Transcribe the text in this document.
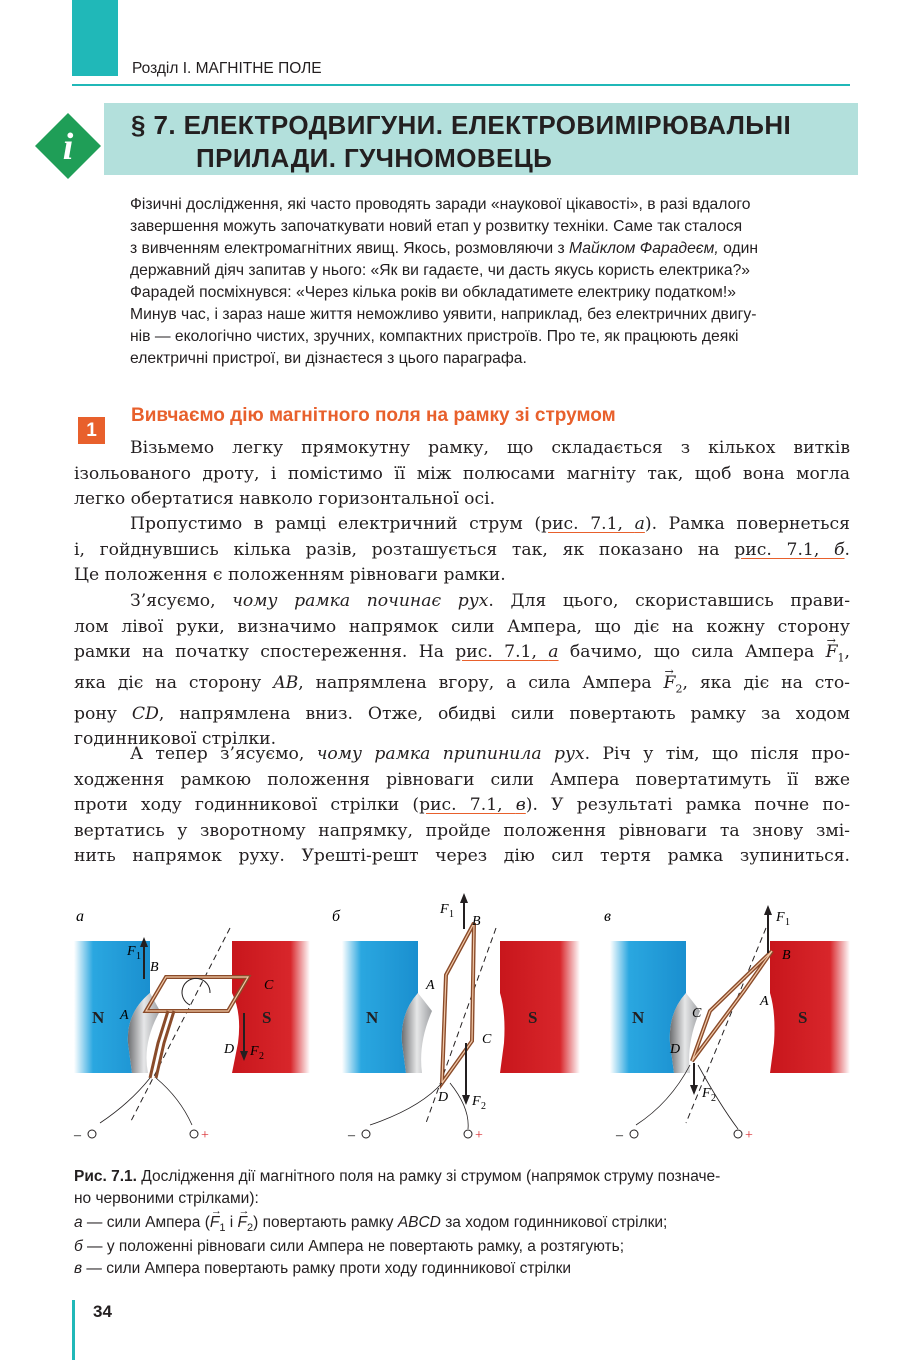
Розділ І. МАГНІТНЕ ПОЛЕ
i
§ 7. ЕЛЕКТРОДВИГУНИ. ЕЛЕКТРОВИМІРЮВАЛЬНІ
ПРИЛАДИ. ГУЧНОМОВЕЦЬ
Фізичні дослідження, які часто проводять заради «наукової цікавості», в разі вдалого
завершення можуть започаткувати новий етап у розвитку техніки. Саме так сталося
з вивченням електромагнітних явищ. Якось, розмовляючи з Майклом Фарадеєм, один
державний діяч запитав у нього: «Як ви гадаєте, чи дасть якусь користь електрика?»
Фарадей посміхнувся: «Через кілька років ви обкладатимете електрику податком!»
Минув час, і зараз наше життя неможливо уявити, наприклад, без електричних двигу-
нів — екологічно чистих, зручних, компактних пристроїв. Про те, як працюють деякі
електричні пристрої, ви дізнаєтеся з цього параграфа.
1
Вивчаємо дію магнітного поля на рамку зі струмом

Візьмемо легку прямокутну рамку, що складається з кількох витків

ізольованого дроту, і помістимо її між полюсами магніту так, щоб вона могла

легко обертатися навколо горизонтальної осі.

Пропустимо в рамці електричний струм (рис. 7.1, а). Рамка повернеться

і, гойднувшись кілька разів, розташується так, як показано на рис. 7.1, б.

Це положення є положенням рівноваги рамки.

З’ясуємо, чому рамка починає рух. Для цього, скориставшись прави-

лом лівої руки, визначимо напрямок сили Ампера, що діє на кожну сторону

рамки на початку спостереження. На рис. 7.1, а бачимо, що сила Ампера → $F_1$,

яка діє на сторону AB, напрямлена вгору, а сила Ампера → $F_2$, яка діє на сто-

рону CD, напрямлена вниз. Отже, обидві сили повертають рамку за ходом

годинникової стрілки.

А тепер з’ясуємо, чому рамка припинила рух. Річ у тім, що після про-

ходження рамкою положення рівноваги сили Ампера повертатимуть її вже

проти ходу годинникової стрілки (рис. 7.1, в). У результаті рамка почне по-

вертатись у зворотному напрямку, пройде положення рівноваги та знову змі-

нить напрямок руху. Урешті-решт через дію сил тертя рамка зупиниться.

а
N	S
F 1
F 2
B
A
C
D
–	+
б
N	S
F 1
F 2
B
A
C
D
–	+
в
N	S
F 1
F 2
B
A
C
D
–	+
Рис. 7.1. Дослідження дії магнітного поля на рамку зі струмом (напрямок струму позначе-
но червоними стрілками):
а — сили Ампера (→ $F_1$ $і \to F_2$) повертають рамку ABCD за ходом годинникової стрілки;
б — у положенні рівноваги сили Ампера не повертають рамку, а розтягують;
в — сили Ампера повертають рамку проти ходу годинникової стрілки
34
